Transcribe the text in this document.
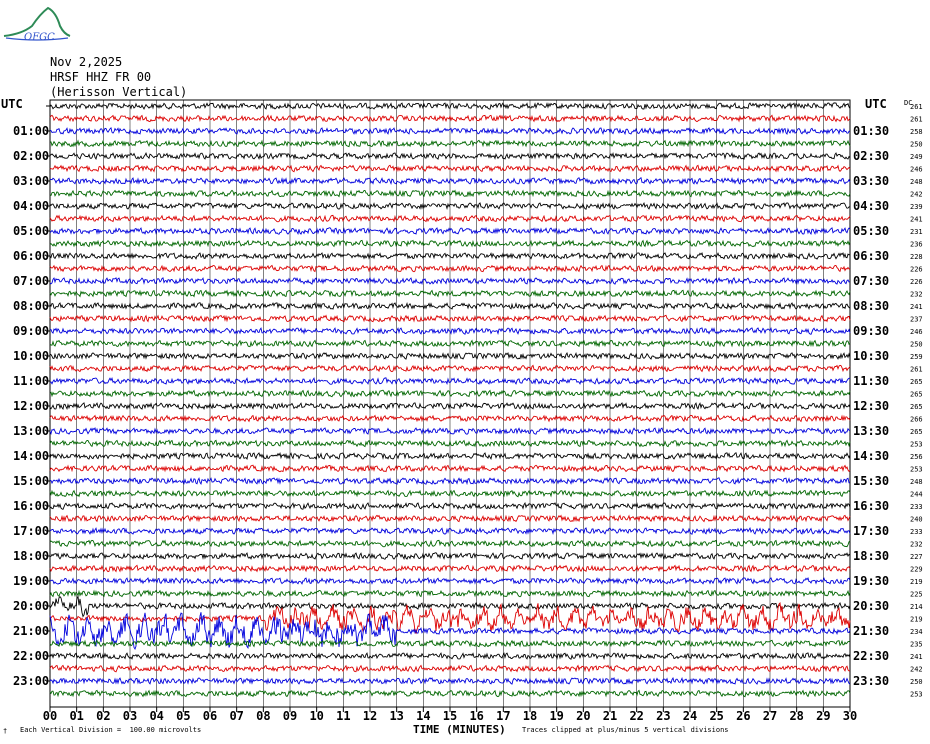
OFGC
Nov 2,2025
HRSF HHZ FR 00
(Herisson Vertical)
00 01 02 03 04 05 06 07 08 09 10 11 12 13 14 15 16 17 18 19 20 21 22 23 24 25 26 27 28 29 30
261
UTC	UTC
261
258
01:00	01:30
250
249
02:00	02:30
246
248
03:00	03:30
242
239
04:00	04:30
241
231
05:00	05:30
236
228
06:00	06:30
226
226
07:00	07:30
232
241
08:00	08:30
237
246
09:00	09:30
250
259
10:00	10:30
261
265
11:00	11:30
265
265
12:00	12:30
266
265
13:00	13:30
253
256
14:00	14:30
253
248
15:00	15:30
244
233
16:00	16:30
240
233
17:00	17:30
232
227
18:00	18:30
229
219
19:00	19:30
225
214
20:00	20:30
219
234
21:00	21:30
235
241
22:00	22:30
242
250
23:00	23:30
253
DC
† Each Vertical Division =  100.00 microvolts	TIME (MINUTES) Traces clipped at plus/minus 5 vertical divisions
